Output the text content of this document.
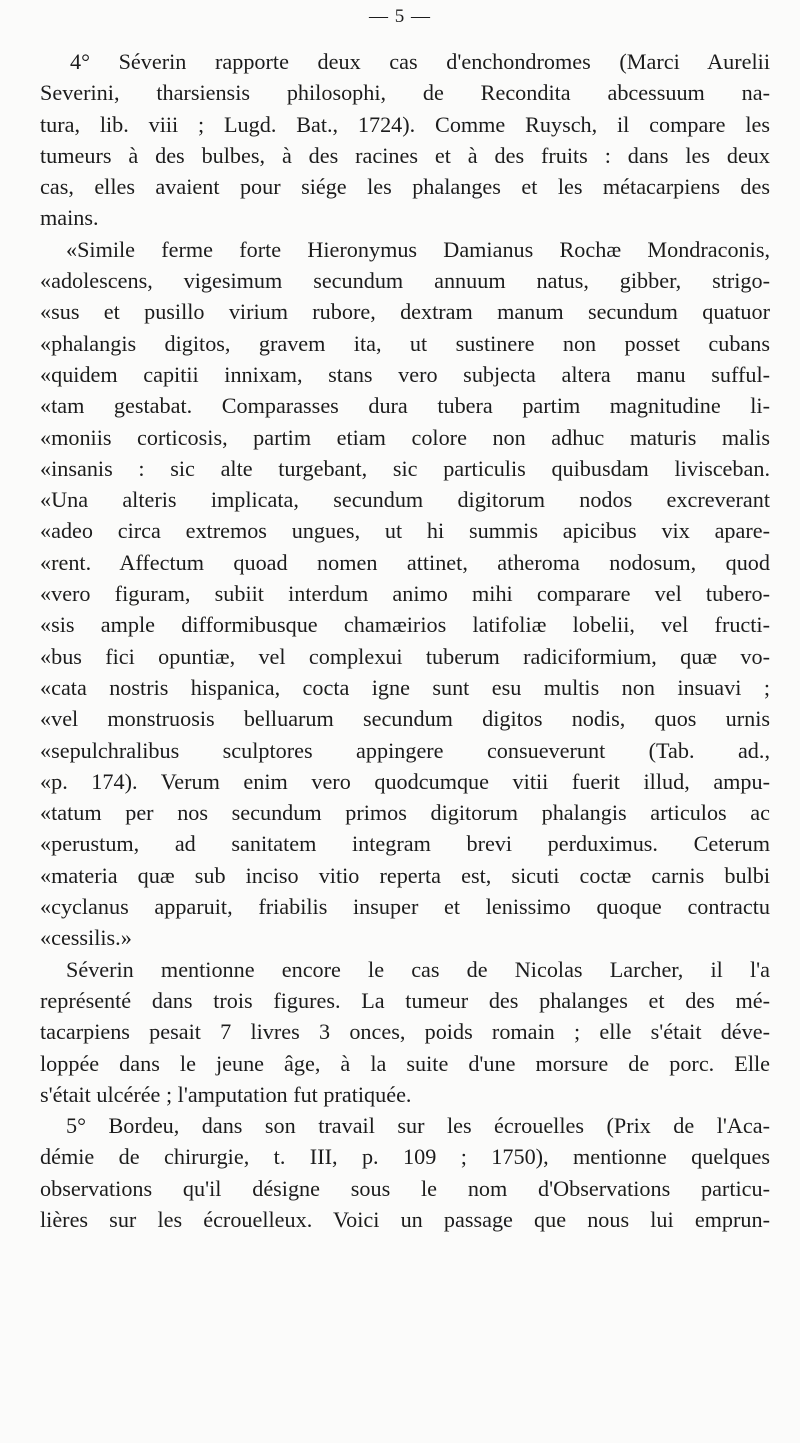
— 5 —
4° Séverin rapporte deux cas d'enchondromes (Marci Aurelii
Severini, tharsiensis philosophi, de Recondita abcessuum na-
tura, lib. viii ; Lugd. Bat., 1724). Comme Ruysch, il compare les
tumeurs à des bulbes, à des racines et à des fruits : dans les deux
cas, elles avaient pour siége les phalanges et les métacarpiens des
mains.
«Simile ferme forte Hieronymus Damianus Rochæ Mondraconis,
«adolescens, vigesimum secundum annuum natus, gibber, strigo-
«sus et pusillo virium rubore, dextram manum secundum quatuor
«phalangis digitos, gravem ita, ut sustinere non posset cubans
«quidem capitii innixam, stans vero subjecta altera manu sufful-
«tam gestabat. Comparasses dura tubera partim magnitudine li-
«moniis corticosis, partim etiam colore non adhuc maturis malis
«insanis : sic alte turgebant, sic particulis quibusdam livisceban.
«Una alteris implicata, secundum digitorum nodos excreverant
«adeo circa extremos ungues, ut hi summis apicibus vix apare-
«rent. Affectum quoad nomen attinet, atheroma nodosum, quod
«vero figuram, subiit interdum animo mihi comparare vel tubero-
«sis ample difformibusque chamæirios latifoliæ lobelii, vel fructi-
«bus fici opuntiæ, vel complexui tuberum radiciformium, quæ vo-
«cata nostris hispanica, cocta igne sunt esu multis non insuavi ;
«vel monstruosis belluarum secundum digitos nodis, quos urnis
«sepulchralibus sculptores appingere consueverunt (Tab. ad.,
«p. 174). Verum enim vero quodcumque vitii fuerit illud, ampu-
«tatum per nos secundum primos digitorum phalangis articulos ac
«perustum, ad sanitatem integram brevi perduximus. Ceterum
«materia quæ sub inciso vitio reperta est, sicuti coctæ carnis bulbi
«cyclanus apparuit, friabilis insuper et lenissimo quoque contractu
«cessilis.»
Séverin mentionne encore le cas de Nicolas Larcher, il l'a
représenté dans trois figures. La tumeur des phalanges et des mé-
tacarpiens pesait 7 livres 3 onces, poids romain ; elle s'était déve-
loppée dans le jeune âge, à la suite d'une morsure de porc. Elle
s'était ulcérée ; l'amputation fut pratiquée.
5° Bordeu, dans son travail sur les écrouelles (Prix de l'Aca-
démie de chirurgie, t. III, p. 109 ; 1750), mentionne quelques
observations qu'il désigne sous le nom d'Observations particu-
lières sur les écrouelleux. Voici un passage que nous lui emprun-
